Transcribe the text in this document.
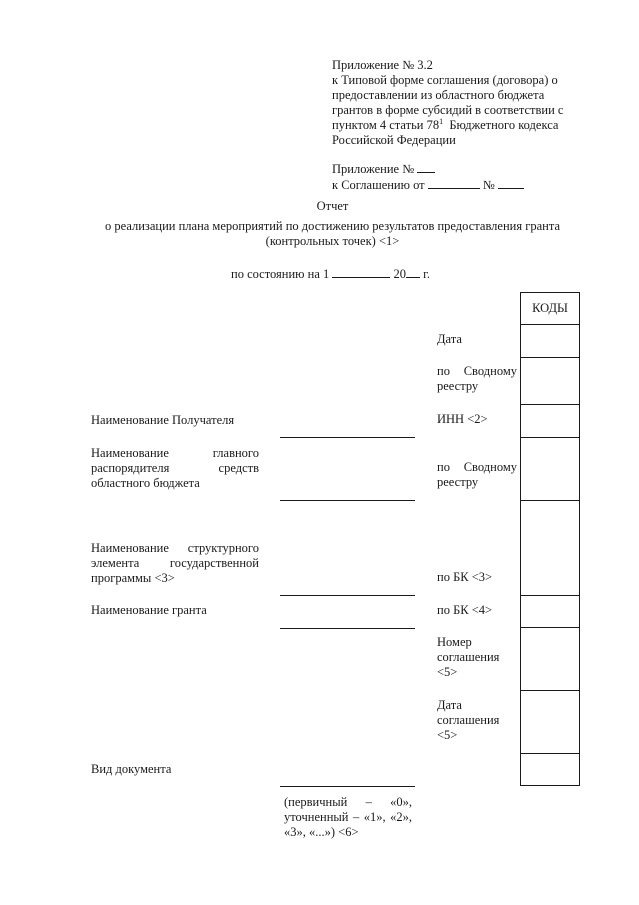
Приложение № 3.2
к Типовой форме соглашения (договора) о
предоставлении из областного бюджета
грантов в форме субсидий в соответствии с
пунктом 4 статьи $78^1$ Бюджетного кодекса
Российской Федерации
Приложение №
к Соглашению от	№
Отчет
о реализации плана мероприятий по достижению результатов предоставления гранта
(контрольных точек) <1>
по состоянию на 1	20 г.
КОДЫ
Дата
по Сводному
реестру
ИНН <2>
по Сводному
реестру
по БК <3>
по БК <4>
Номер
соглашения
<5>
Дата
соглашения
<5>
Наименование Получателя
Наименование главного
распорядителя средств
областного бюджета
Наименование структурного
элемента государственной
программы <3>
Наименование гранта
Вид документа
(первичный – «0»,
уточненный – «1», «2»,
«3», «...») <6>
